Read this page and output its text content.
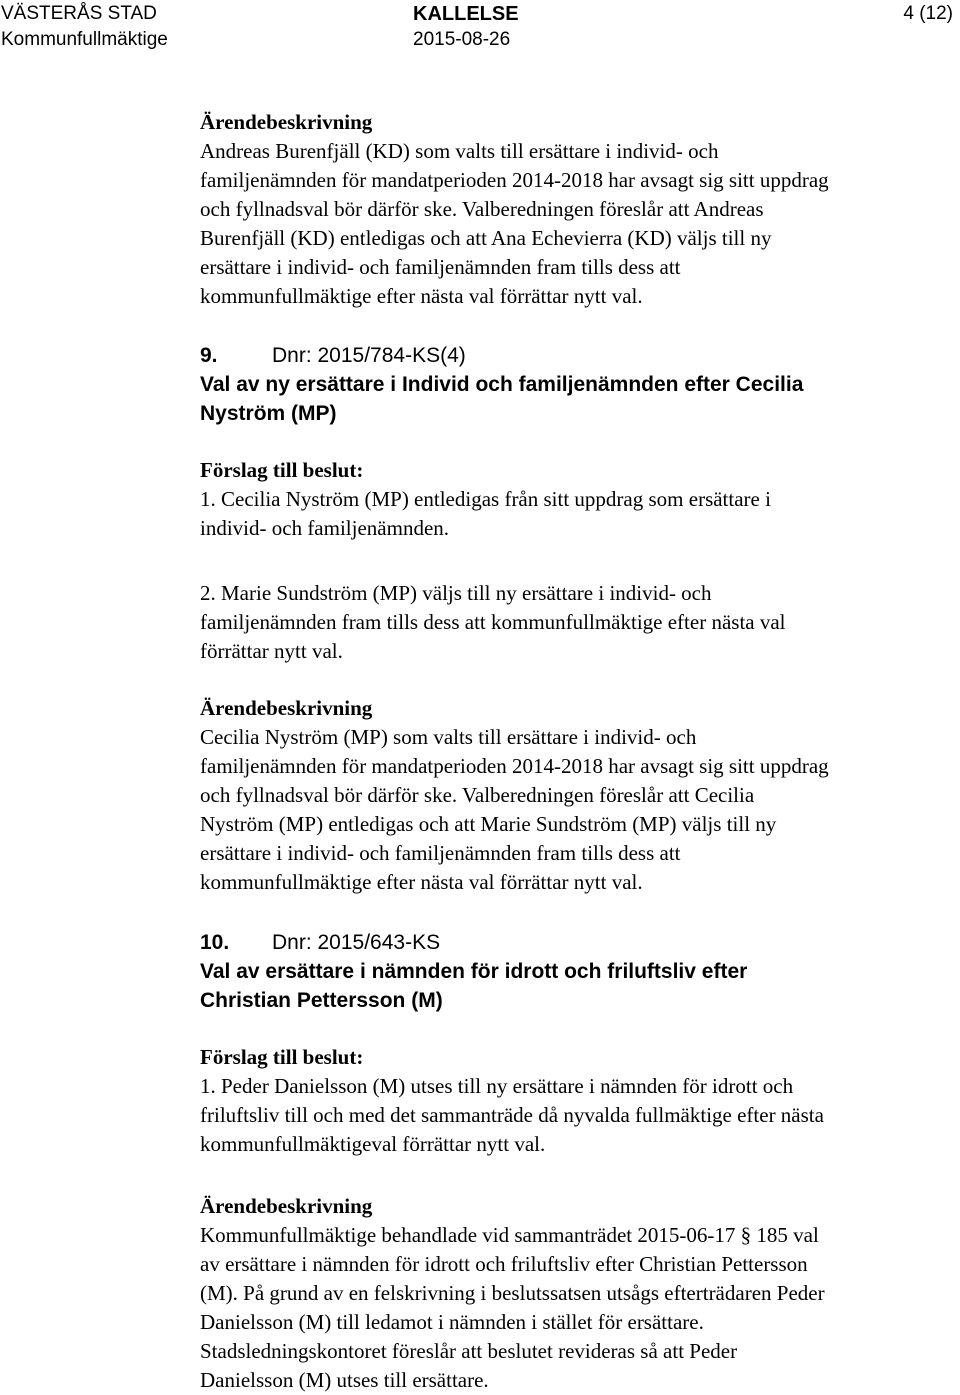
VÄSTERÅS STAD
Kommunfullmäktige
KALLELSE
2015-08-26
4 (12)

Ärendebeskrivning

Andreas Burenfjäll (KD) som valts till ersättare i individ- och

familjenämnden för mandatperioden 2014-2018 har avsagt sig sitt uppdrag

och fyllnadsval bör därför ske. Valberedningen föreslår att Andreas

Burenfjäll (KD) entledigas och att Ana Echevierra (KD) väljs till ny

ersättare i individ- och familjenämnden fram tills dess att

kommunfullmäktige efter nästa val förrättar nytt val.

9.	Dnr: 2015/784-KS(4)

Val av ny ersättare i Individ och familjenämnden efter Cecilia

Nyström (MP)

Förslag till beslut:

1. Cecilia Nyström (MP) entledigas från sitt uppdrag som ersättare i

individ- och familjenämnden.

2. Marie Sundström (MP) väljs till ny ersättare i individ- och

familjenämnden fram tills dess att kommunfullmäktige efter nästa val

förrättar nytt val.

Ärendebeskrivning

Cecilia Nyström (MP) som valts till ersättare i individ- och

familjenämnden för mandatperioden 2014-2018 har avsagt sig sitt uppdrag

och fyllnadsval bör därför ske. Valberedningen föreslår att Cecilia

Nyström (MP) entledigas och att Marie Sundström (MP) väljs till ny

ersättare i individ- och familjenämnden fram tills dess att

kommunfullmäktige efter nästa val förrättar nytt val.

10. Dnr: 2015/643-KS

Val av ersättare i nämnden för idrott och friluftsliv efter

Christian Pettersson (M)

Förslag till beslut:

1. Peder Danielsson (M) utses till ny ersättare i nämnden för idrott och

friluftsliv till och med det sammanträde då nyvalda fullmäktige efter nästa

kommunfullmäktigeval förrättar nytt val.

Ärendebeskrivning

Kommunfullmäktige behandlade vid sammanträdet 2015-06-17 § 185 val

av ersättare i nämnden för idrott och friluftsliv efter Christian Pettersson

(M). På grund av en felskrivning i beslutssatsen utsågs efterträdaren Peder

Danielsson (M) till ledamot i nämnden i stället för ersättare.

Stadsledningskontoret föreslår att beslutet revideras så att Peder

Danielsson (M) utses till ersättare.
